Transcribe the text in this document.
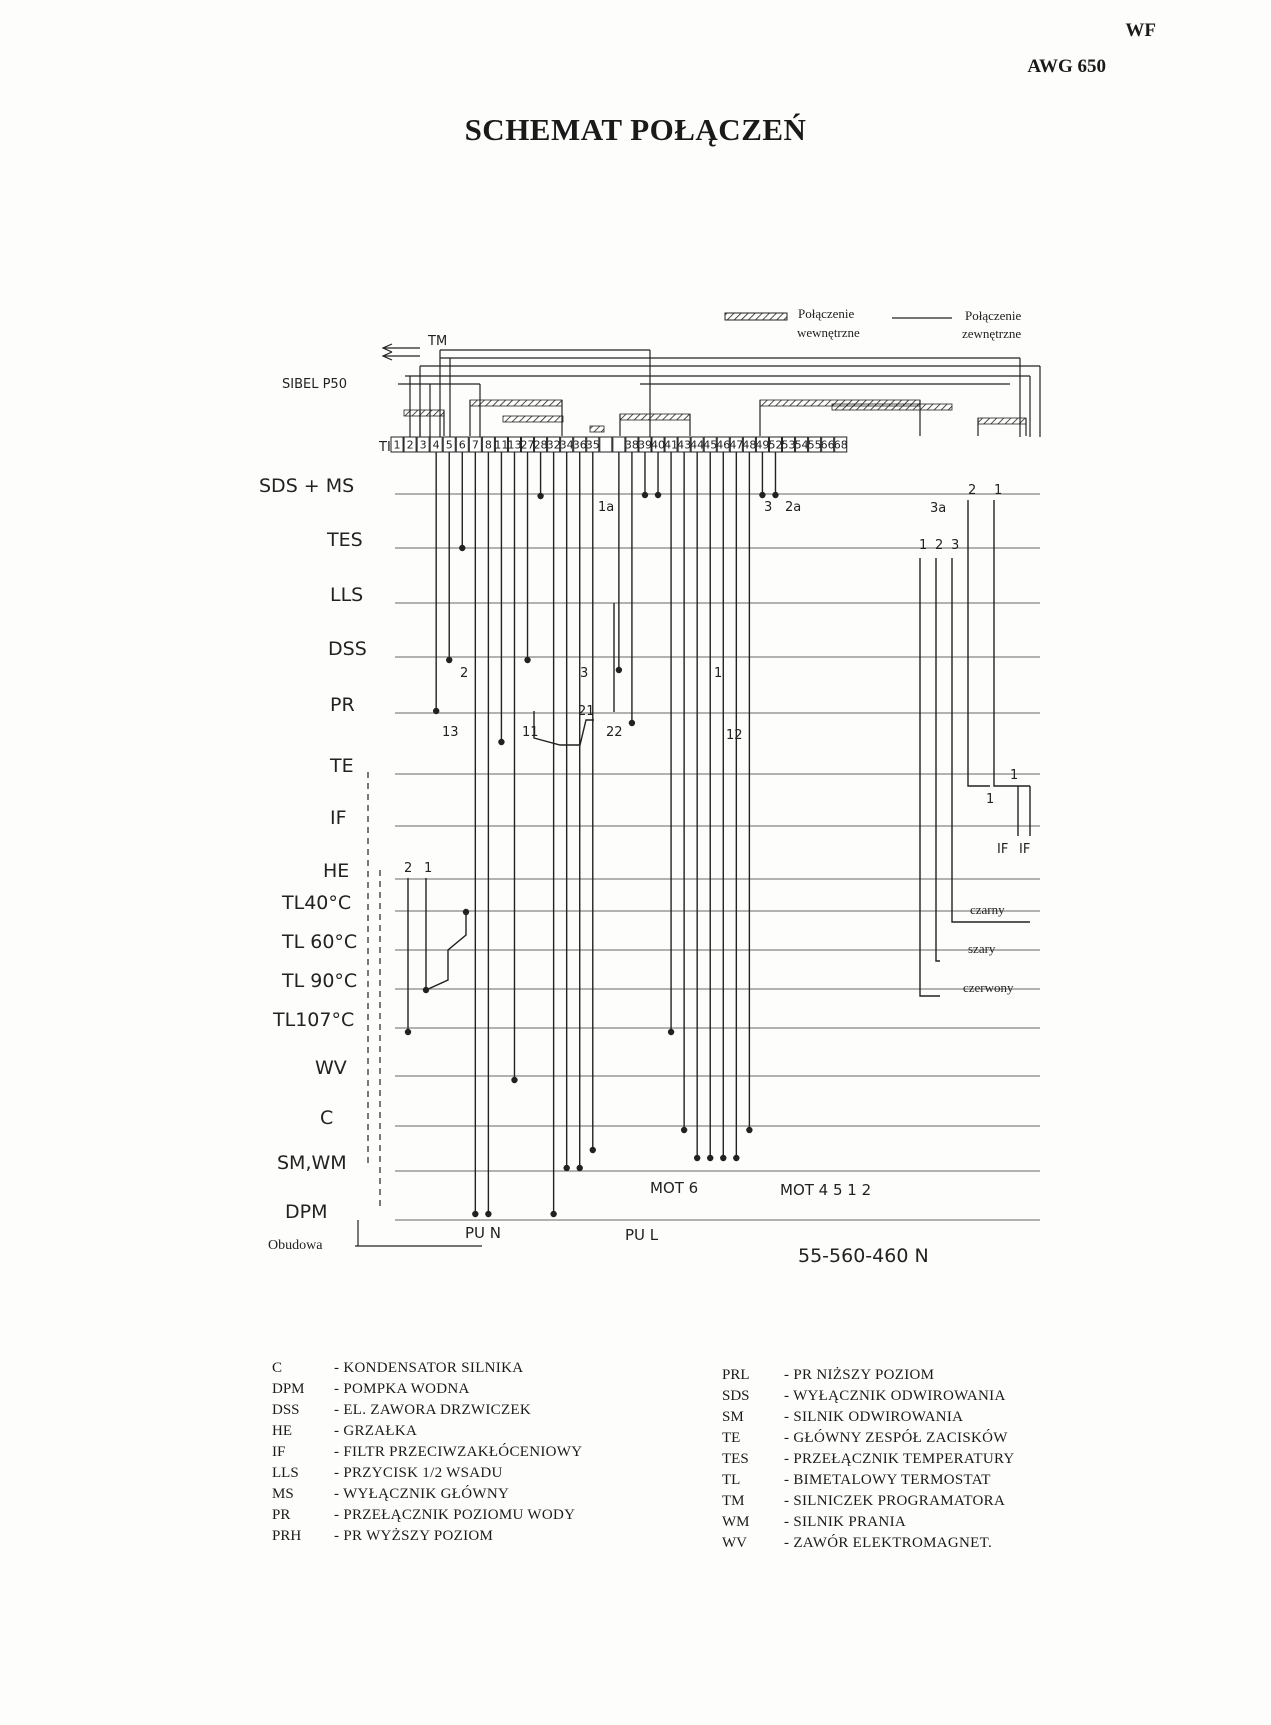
WF
AWG 650
SCHEMAT POŁĄCZEŃ
Połączenie
wewnętrzne
Połączenie
zewnętrzne
TM
SIBEL P50
TI 1 2 3 4 5 6 7 8 11 13 27 28 32 34 36 35 38 39 40 41 43 44 45 46 47 48 49 52 53 54 55 66 68
SDS + MS
TES
LLS
DSS
PR
TE
IF
HE
TL40°C
TL 60°C
TL 90°C
TL107°C
WV
C
SM,WM
DPM
1a	3 2a	3a
2 1
1 2 3
2	3	1
13	11
21
22	12
1
1
IF IF
2 1
czarny
szary
czerwony
MOT 6	MOT 4 5 1 2
PU N	PU L
Obudowa	55-560-460 N
C	- KONDENSATOR SILNIKA
DPM	- POMPKA WODNA
DSS	- EL. ZAWORA DRZWICZEK
HE	- GRZAŁKA
IF	- FILTR PRZECIWZAKŁÓCENIOWY
LLS	- PRZYCISK 1/2 WSADU
MS	- WYŁĄCZNIK GŁÓWNY
PR	- PRZEŁĄCZNIK POZIOMU WODY
PRH	- PR WYŻSZY POZIOM
PRL	- PR NIŻSZY POZIOM
SDS	- WYŁĄCZNIK ODWIROWANIA
SM	- SILNIK ODWIROWANIA
TE	- GŁÓWNY ZESPÓŁ ZACISKÓW
TES	- PRZEŁĄCZNIK TEMPERATURY
TL	- BIMETALOWY TERMOSTAT
TM	- SILNICZEK PROGRAMATORA
WM	- SILNIK PRANIA
WV	- ZAWÓR ELEKTROMAGNET.
